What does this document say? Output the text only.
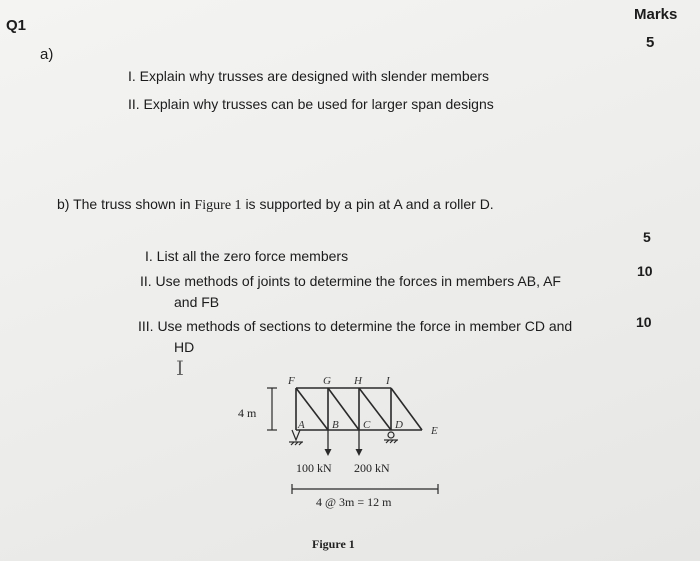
Q1
Marks
a)
5
I. Explain why trusses are designed with slender members
II. Explain why trusses can be used for larger span designs
b) The truss shown in Figure 1 is supported by a pin at A and a roller D.
I. List all the zero force members
5
II. Use methods of joints to determine the forces in members AB, AF
and FB
10
III. Use methods of sections to determine the force in member CD and
HD
10
I
4 m
F	G H I
A B C D	E
100 kN 200 kN
4 @ 3m = 12 m
Figure 1
